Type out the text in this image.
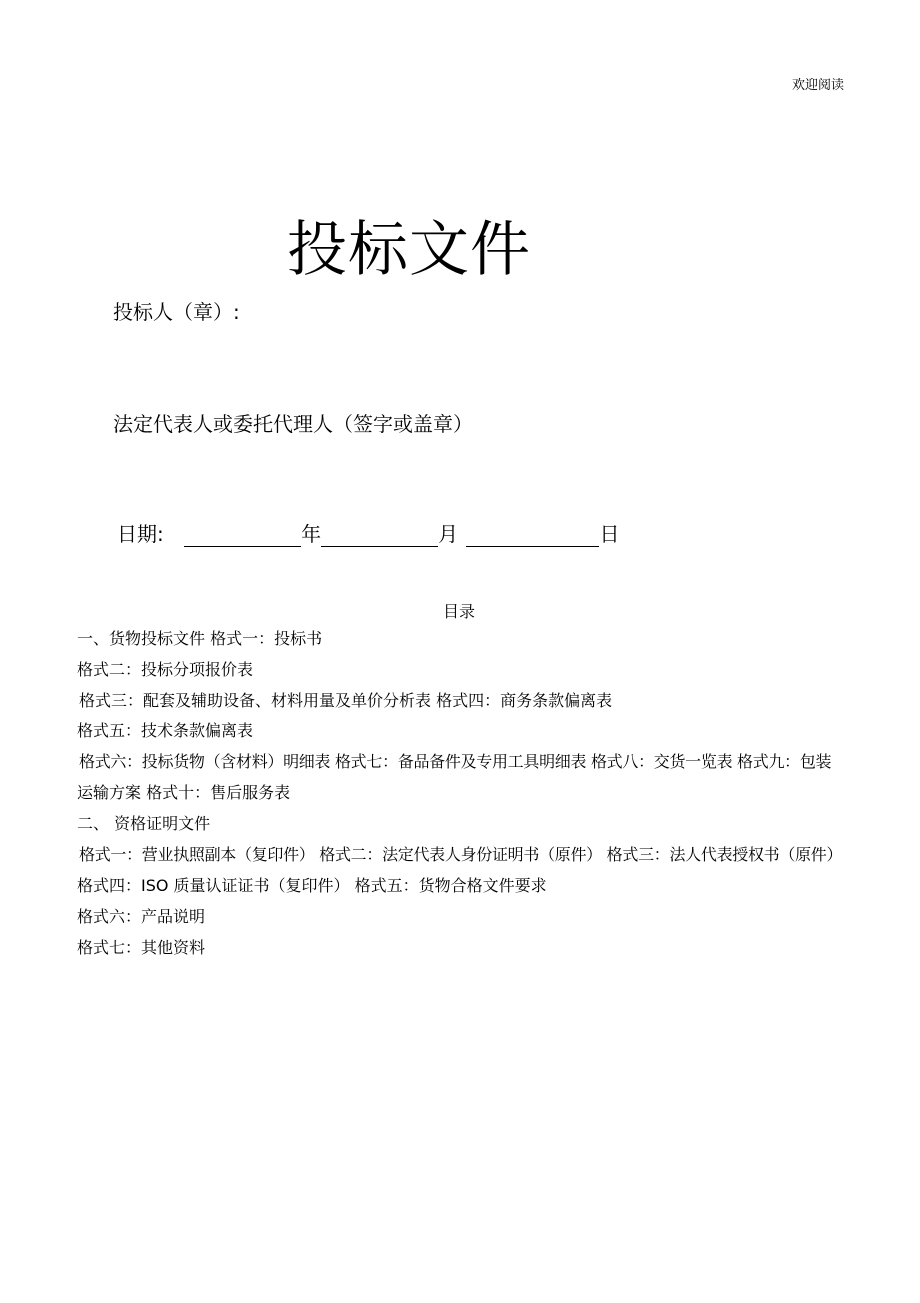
欢迎阅读
投标文件
投标人（章）:
法定代表人或委托代理人（签字或盖章）
日期:	年	月	日
目录
一、货物投标文件 格式一：投标书
格式二：投标分项报价表
格式三：配套及辅助设备、材料用量及单价分析表 格式四：商务条款偏离表
格式五：技术条款偏离表
格式六：投标货物（含材料）明细表 格式七：备品备件及专用工具明细表 格式八：交货一览表 格式九：包装
运输方案 格式十：售后服务表
二、 资格证明文件
格式一：营业执照副本（复印件） 格式二：法定代表人身份证明书（原件） 格式三：法人代表授权书（原件）
格式四：ISO 质量认证证书（复印件） 格式五：货物合格文件要求
格式六：产品说明
格式七：其他资料
